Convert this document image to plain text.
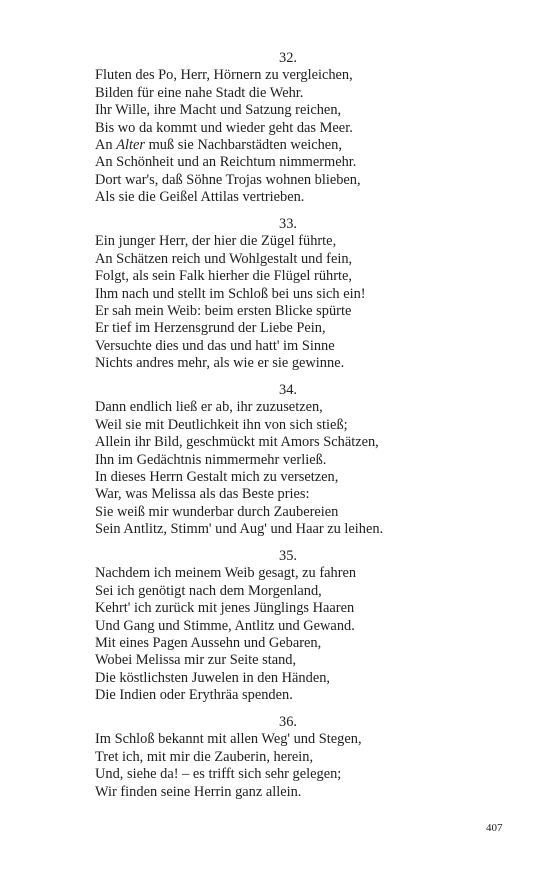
32.
Fluten des Po, Herr, Hörnern zu vergleichen,
Bilden für eine nahe Stadt die Wehr.
Ihr Wille, ihre Macht und Satzung reichen,
Bis wo da kommt und wieder geht das Meer.
An Alter muß sie Nachbarstädten weichen,
An Schönheit und an Reichtum nimmermehr.
Dort war's, daß Söhne Trojas wohnen blieben,
Als sie die Geißel Attilas vertrieben.
33.
Ein junger Herr, der hier die Zügel führte,
An Schätzen reich und Wohlgestalt und fein,
Folgt, als sein Falk hierher die Flügel rührte,
Ihm nach und stellt im Schloß bei uns sich ein!
Er sah mein Weib: beim ersten Blicke spürte
Er tief im Herzensgrund der Liebe Pein,
Versuchte dies und das und hatt' im Sinne
Nichts andres mehr, als wie er sie gewinne.
34.
Dann endlich ließ er ab, ihr zuzusetzen,
Weil sie mit Deutlichkeit ihn von sich stieß;
Allein ihr Bild, geschmückt mit Amors Schätzen,
Ihn im Gedächtnis nimmermehr verließ.
In dieses Herrn Gestalt mich zu versetzen,
War, was Melissa als das Beste pries:
Sie weiß mir wunderbar durch Zaubereien
Sein Antlitz, Stimm' und Aug' und Haar zu leihen.
35.
Nachdem ich meinem Weib gesagt, zu fahren
Sei ich genötigt nach dem Morgenland,
Kehrt' ich zurück mit jenes Jünglings Haaren
Und Gang und Stimme, Antlitz und Gewand.
Mit eines Pagen Aussehn und Gebaren,
Wobei Melissa mir zur Seite stand,
Die köstlichsten Juwelen in den Händen,
Die Indien oder Erythräa spenden.
36.
Im Schloß bekannt mit allen Weg' und Stegen,
Tret ich, mit mir die Zauberin, herein,
Und, siehe da! – es trifft sich sehr gelegen;
Wir finden seine Herrin ganz allein.
407
